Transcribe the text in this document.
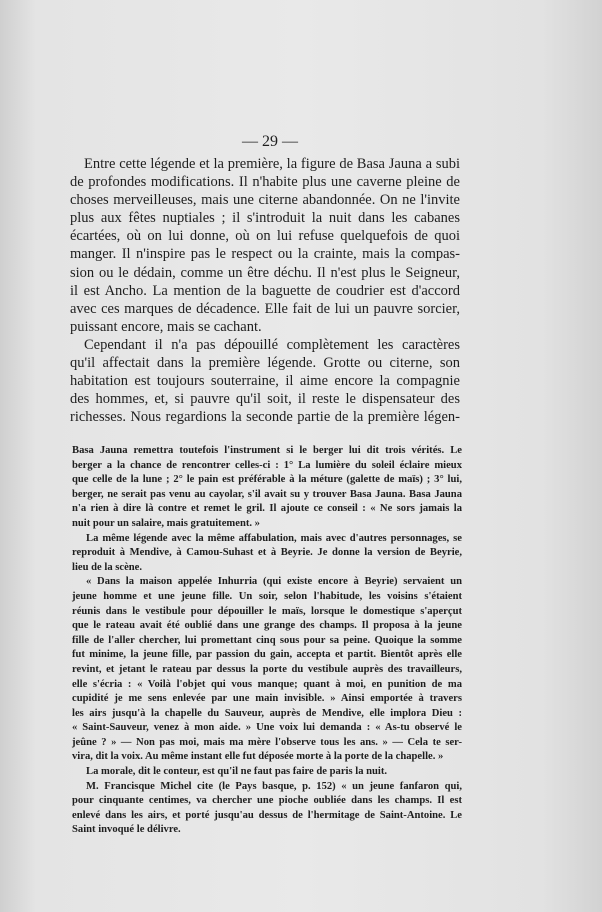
— 29 —
Entre cette légende et la première, la figure de Basa Jauna a subi
de profondes modifications. Il n'habite plus une caverne pleine de
choses merveilleuses, mais une citerne abandonnée. On ne l'invite
plus aux fêtes nuptiales ; il s'introduit la nuit dans les cabanes
écartées, où on lui donne, où on lui refuse quelquefois de quoi
manger. Il n'inspire pas le respect ou la crainte, mais la compas-
sion ou le dédain, comme un être déchu. Il n'est plus le Seigneur,
il est Ancho. La mention de la baguette de coudrier est d'accord
avec ces marques de décadence. Elle fait de lui un pauvre sorcier,
puissant encore, mais se cachant.
Cependant il n'a pas dépouillé complètement les caractères
qu'il affectait dans la première légende. Grotte ou citerne, son
habitation est toujours souterraine, il aime encore la compagnie
des hommes, et, si pauvre qu'il soit, il reste le dispensateur des
richesses. Nous regardions la seconde partie de la première légen-
Basa Jauna remettra toutefois l'instrument si le berger lui dit trois vérités. Le
berger a la chance de rencontrer celles-ci : 1° La lumière du soleil éclaire mieux
que celle de la lune ; 2° le pain est préférable à la méture (galette de maïs) ; 3° lui,
berger, ne serait pas venu au cayolar, s'il avait su y trouver Basa Jauna. Basa Jauna
n'a rien à dire là contre et remet le gril. Il ajoute ce conseil : « Ne sors jamais la
nuit pour un salaire, mais gratuitement. »
La même légende avec la même affabulation, mais avec d'autres personnages, se
reproduit à Mendive, à Camou-Suhast et à Beyrie. Je donne la version de Beyrie,
lieu de la scène.
« Dans la maison appelée Inhurria (qui existe encore à Beyrie) servaient un
jeune homme et une jeune fille. Un soir, selon l'habitude, les voisins s'étaient
réunis dans le vestibule pour dépouiller le maïs, lorsque le domestique s'aperçut
que le rateau avait été oublié dans une grange des champs. Il proposa à la jeune
fille de l'aller chercher, lui promettant cinq sous pour sa peine. Quoique la somme
fut minime, la jeune fille, par passion du gain, accepta et partit. Bientôt après elle
revint, et jetant le rateau par dessus la porte du vestibule auprès des travailleurs,
elle s'écria : « Voilà l'objet qui vous manque; quant à moi, en punition de ma
cupidité je me sens enlevée par une main invisible. » Ainsi emportée à travers
les airs jusqu'à la chapelle du Sauveur, auprès de Mendive, elle implora Dieu :
« Saint-Sauveur, venez à mon aide. » Une voix lui demanda : « As-tu observé le
jeûne ? » — Non pas moi, mais ma mère l'observe tous les ans. » — Cela te ser-
vira, dit la voix. Au même instant elle fut déposée morte à la porte de la chapelle. »
La morale, dit le conteur, est qu'il ne faut pas faire de paris la nuit.
M. Francisque Michel cite (le Pays basque, p. 152) « un jeune fanfaron qui,
pour cinquante centimes, va chercher une pioche oubliée dans les champs. Il est
enlevé dans les airs, et porté jusqu'au dessus de l'hermitage de Saint-Antoine. Le
Saint invoqué le délivre.
